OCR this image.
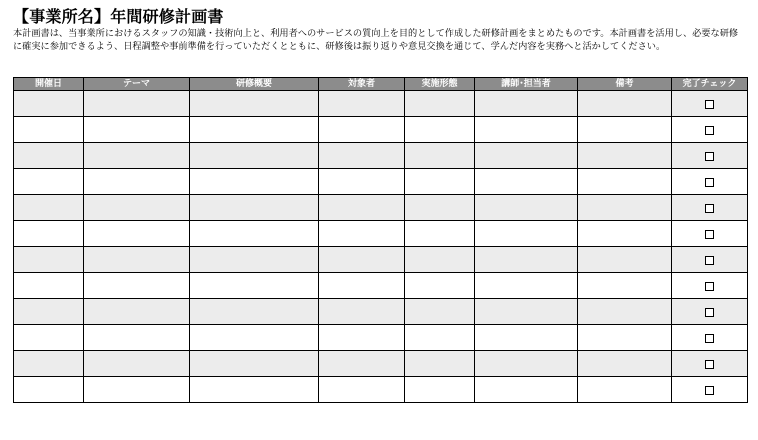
【事業所名】年間研修計画書

本計画書は、当事業所におけるスタッフの知識・技術向上と、利用者へのサービスの質向上を目的として作成した研修計画をまとめたものです。本計画書を活用し、必要な研修に確実に参加できるよう、日程調整や事前準備を行っていただくとともに、研修後は振り返りや意見交換を通じて、学んだ内容を実務へと活かしてください。

開催日	テーマ	研修概要	対象者	実施形態	講師･担当者	備考	完了チェック
